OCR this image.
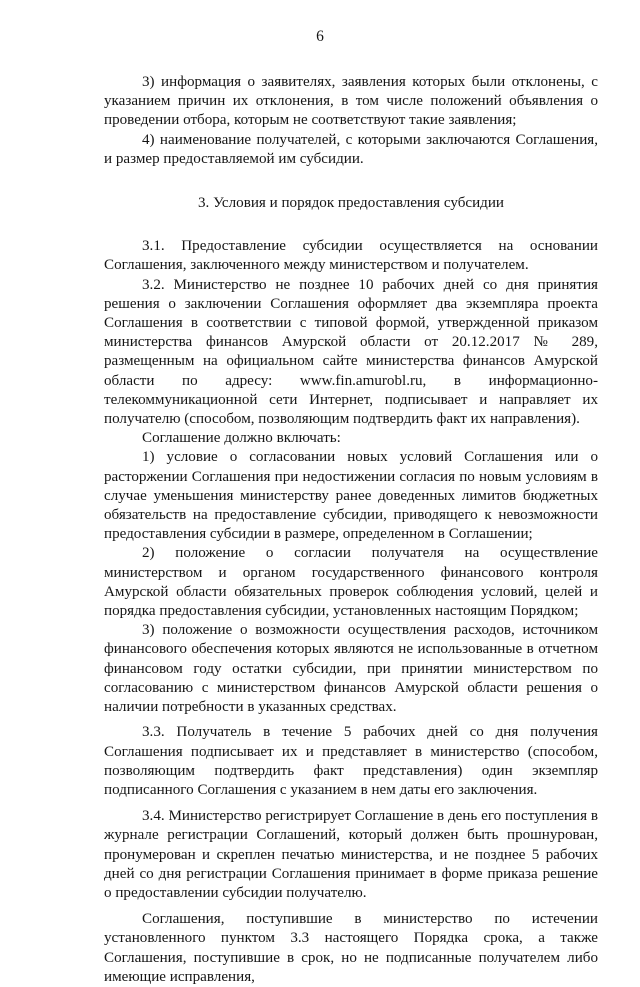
6

3) информация о заявителях, заявления которых были отклонены, с указанием причин их отклонения, в том числе положений объявления о проведении отбора, которым не соответствуют такие заявления;

4) наименование получателей, с которыми заключаются Соглашения, и размер предоставляемой им субсидии.

3. Условия и порядок предоставления субсидии

3.1. Предоставление субсидии осуществляется на основании Соглашения, заключенного между министерством и получателем.

3.2. Министерство не позднее 10 рабочих дней со дня принятия решения о заключении Соглашения оформляет два экземпляра проекта Соглашения в соответствии с типовой формой, утвержденной приказом министерства финансов Амурской области от 20.12.2017 № 289, размещенным на официальном сайте министерства финансов Амурской области по адресу: www.fin.amurobl.ru, в информационно-телекоммуникационной сети Интернет, подписывает и направляет их получателю (способом, позволяющим подтвердить факт их направления).

Соглашение должно включать:

1) условие о согласовании новых условий Соглашения или о расторжении Соглашения при недостижении согласия по новым условиям в случае уменьшения министерству ранее доведенных лимитов бюджетных обязательств на предоставление субсидии, приводящего к невозможности предоставления субсидии в размере, определенном в Соглашении;

2) положение о согласии получателя на осуществление министерством и органом государственного финансового контроля Амурской области обязательных проверок соблюдения условий, целей и порядка предоставления субсидии, установленных настоящим Порядком;

3) положение о возможности осуществления расходов, источником финансового обеспечения которых являются не использованные в отчетном финансовом году остатки субсидии, при принятии министерством по согласованию с министерством финансов Амурской области решения о наличии потребности в указанных средствах.

3.3. Получатель в течение 5 рабочих дней со дня получения Соглашения подписывает их и представляет в министерство (способом, позволяющим подтвердить факт представления) один экземпляр подписанного Соглашения с указанием в нем даты его заключения.

3.4. Министерство регистрирует Соглашение в день его поступления в журнале регистрации Соглашений, который должен быть прошнурован, пронумерован и скреплен печатью министерства, и не позднее 5 рабочих дней со дня регистрации Соглашения принимает в форме приказа решение о предоставлении субсидии получателю.

Соглашения, поступившие в министерство по истечении установленного пунктом 3.3 настоящего Порядка срока, а также Соглашения, поступившие в срок, но не подписанные получателем либо имеющие исправления,
